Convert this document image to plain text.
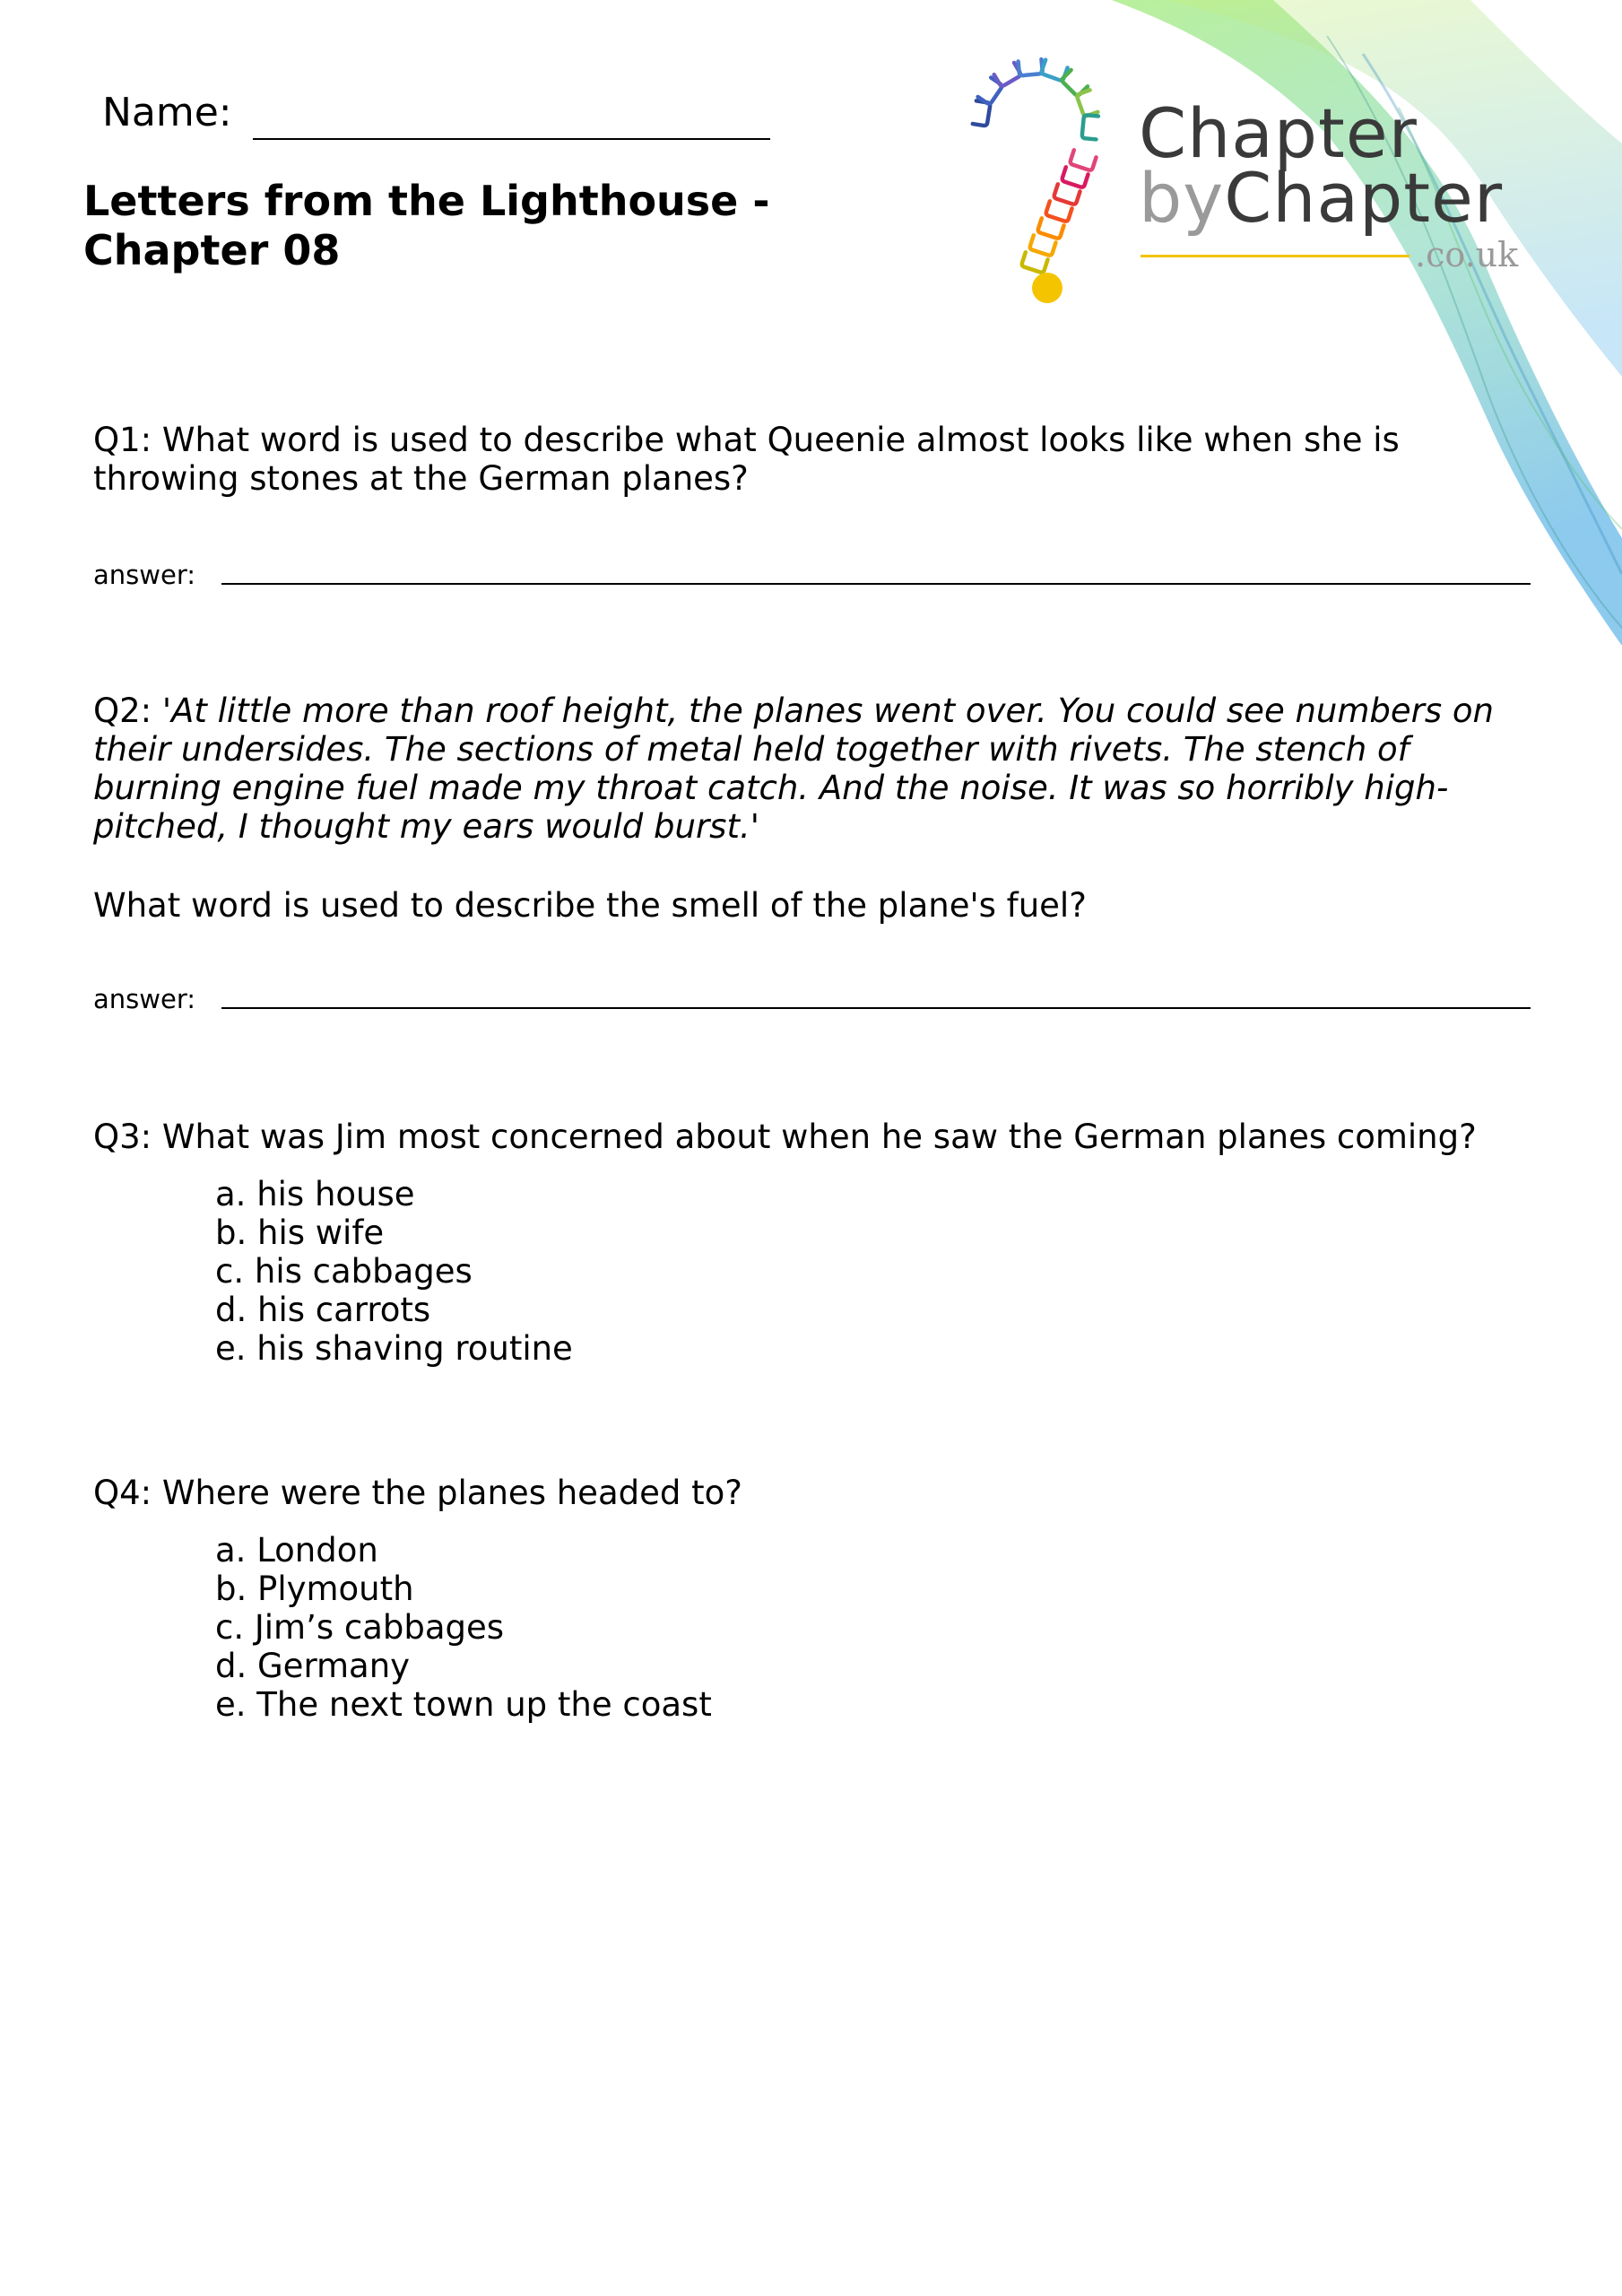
Name:
Letters from the Lighthouse -
Chapter 08
Chapter
byChapter
.co.uk
Q1: What word is used to describe what Queenie almost looks like when she is throwing stones at the German planes?
answer:
Q2: 'At little more than roof height, the planes went over. You could see numbers on their undersides. The sections of metal held together with rivets. The stench of burning engine fuel made my throat catch. And the noise. It was so horribly high-pitched, I thought my ears would burst.'
What word is used to describe the smell of the plane's fuel?
answer:
Q3: What was Jim most concerned about when he saw the German planes coming?
a. his house
b. his wife
c. his cabbages
d. his carrots
e. his shaving routine
Q4: Where were the planes headed to?
a. London
b. Plymouth
c. Jim’s cabbages
d. Germany
e. The next town up the coast
